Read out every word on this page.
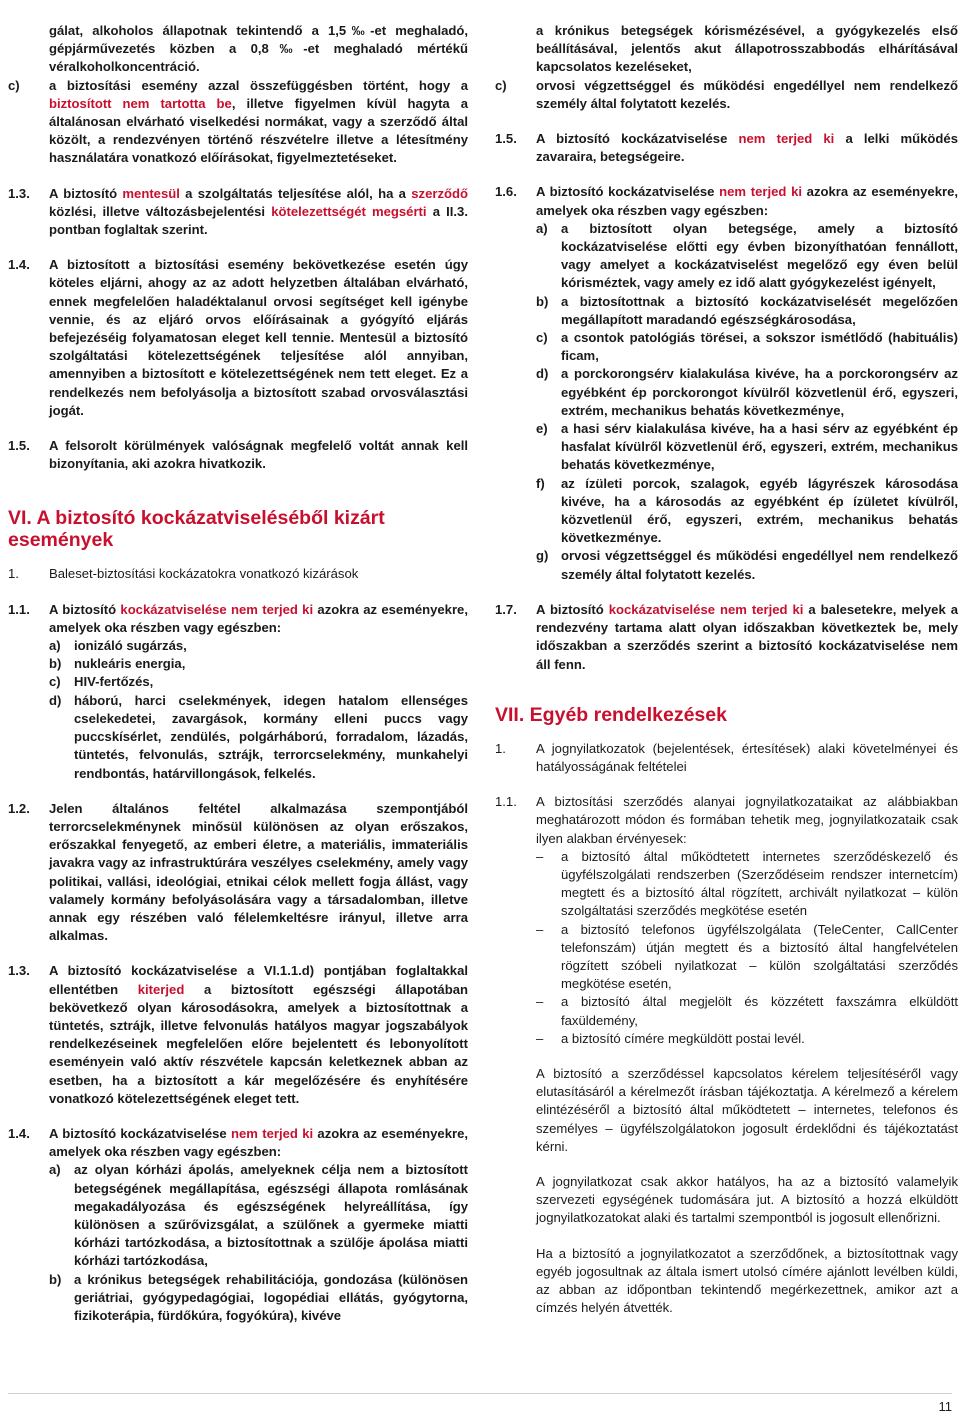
gálat, alkoholos állapotnak tekintendő a 1,5‰-et meghaladó, gépjárművezetés közben a 0,8‰-et meghaladó mértékű véralkoholkoncentráció.
c)	a biztosítási esemény azzal összefüggésben történt, hogy a biztosított nem tartotta be, illetve figyelmen kívül hagyta a általánosan elvárható viselkedési normákat, vagy a szerződő által közölt, a rendezvényen történő részvételre illetve a létesítmény használatára vonatkozó előírásokat, figyelmeztetéseket.
1.3.	A biztosító mentesül a szolgáltatás teljesítése alól, ha a szerződő közlési, illetve változásbejelentési kötelezettségét megsérti a II.3. pontban foglaltak szerint.
1.4.	A biztosított a biztosítási esemény bekövetkezése esetén úgy köteles eljárni, ahogy az az adott helyzetben általában elvárható, ennek megfelelően haladéktalanul orvosi segítséget kell igénybe vennie, és az eljáró orvos előírásainak a gyógyító eljárás befejezéséig folyamatosan eleget kell tennie. Mentesül a biztosító szolgáltatási kötelezettségének teljesítése alól annyiban, amennyiben a biztosított e kötelezettségének nem tett eleget. Ez a rendelkezés nem befolyásolja a biztosított szabad orvosválasztási jogát.
1.5.	A felsorolt körülmények valóságnak megfelelő voltát annak kell bizonyítania, aki azokra hivatkozik.
VI. A biztosító kockázatviseléséből kizárt események
1.	Baleset-biztosítási kockázatokra vonatkozó kizárások
1.1.	A biztosító kockázatviselése nem terjed ki azokra az eseményekre, amelyek oka részben vagy egészben:

a)	ionizáló sugárzás,
b) nukleáris energia,
c)	HIV-fertőzés,
d) háború, harci cselekmények, idegen hatalom ellenséges cselekedetei, zavargások, kormány elleni puccs vagy puccskísérlet, zendülés, polgárháború, forradalom, lázadás, tüntetés, felvonulás, sztrájk, terrorcselekmény, munkahelyi rendbontás, határvillongások, felkelés.
1.2.	Jelen általános feltétel alkalmazása szempontjából terrorcselekménynek minősül különösen az olyan erőszakos, erőszakkal fenyegető, az emberi életre, a materiális, immateriális javakra vagy az infrastruktúrára veszélyes cselekmény, amely vagy politikai, vallási, ideológiai, etnikai célok mellett fogja állást, vagy valamely kormány befolyásolására vagy a társadalomban, illetve annak egy részében való félelemkeltésre irányul, illetve arra alkalmas.
1.3.	A biztosító kockázatviselése a VI.1.1.d) pontjában foglaltakkal ellentétben kiterjed a biztosított egészségi állapotában bekövetkező olyan károsodásokra, amelyek a biztosítottnak a tüntetés, sztrájk, illetve felvonulás hatályos magyar jogszabályok rendelkezéseinek megfelelően előre bejelentett és lebonyolított eseményein való aktív részvétele kapcsán keletkeznek abban az esetben, ha a biztosított a kár megelőzésére és enyhítésére vonatkozó kötelezettségének eleget tett.
1.4.	A biztosító kockázatviselése nem terjed ki azokra az eseményekre, amelyek oka részben vagy egészben:

a)	az olyan kórházi ápolás, amelyeknek célja nem a biztosított betegségének megállapítása, egészségi állapota romlásának megakadályozása és egészségének helyreállítása, így különösen a szűrővizsgálat, a szülőnek a gyermeke miatti kórházi tartózkodása, a biztosítottnak a szülője ápolása miatti kórházi tartózkodása,
b) a krónikus betegségek rehabilitációja, gondozása (különösen geriátriai, gyógypedagógiai, logopédiai ellátás, gyógytorna, fizikoterápia, fürdőkúra, fogyókúra), kivéve
a krónikus betegségek kórismézésével, a gyógykezelés első beállításával, jelentős akut állapotrosszabbodás elhárításával kapcsolatos kezeléseket,
c)	orvosi végzettséggel és működési engedéllyel nem rendelkező személy által folytatott kezelés.
1.5.	A biztosító kockázatviselése nem terjed ki a lelki működés zavaraira, betegségeire.
1.6.	A biztosító kockázatviselése nem terjed ki azokra az eseményekre, amelyek oka részben vagy egészben:

a)	a biztosított olyan betegsége, amely a biztosító kockázatviselése előtti egy évben bizonyíthatóan fennállott, vagy amelyet a kockázatviselést megelőző egy éven belül kórisméztek, vagy amely ez idő alatt gyógykezelést igényelt,
b) a biztosítottnak a biztosító kockázatviselését megelőzően megállapított maradandó egészségkárosodása,
c)	a csontok patológiás törései, a sokszor ismétlődő (habituális) ficam,
d) a porckorongsérv kialakulása kivéve, ha a porckorongsérv az egyébként ép porckorongot kívülről közvetlenül érő, egyszeri, extrém, mechanikus behatás következménye,
e)	a hasi sérv kialakulása kivéve, ha a hasi sérv az egyébként ép hasfalat kívülről közvetlenül érő, egyszeri, extrém, mechanikus behatás következménye,
f)	az ízületi porcok, szalagok, egyéb lágyrészek károsodása kivéve, ha a károsodás az egyébként ép ízületet kívülről, közvetlenül érő, egyszeri, extrém, mechanikus behatás következménye.
g) orvosi végzettséggel és működési engedéllyel nem rendelkező személy által folytatott kezelés.
1.7.	A biztosító kockázatviselése nem terjed ki a balesetekre, melyek a rendezvény tartama alatt olyan időszakban következtek be, mely időszakban a szerződés szerint a biztosító kockázatviselése nem áll fenn.
VII. Egyéb rendelkezések
1.	A jognyilatkozatok (bejelentések, értesítések) alaki követelményei és hatályosságának feltételei
1.1.	A biztosítási szerződés alanyai jognyilatkozataikat az alábbiakban meghatározott módon és formában tehetik meg, jognyilatkozataik csak ilyen alakban érvényesek:

–	a biztosító által működtetett internetes szerződéskezelő és ügyfélszolgálati rendszerben (Szerződéseim rendszer internetcím) megtett és a biztosító által rögzített, archivált nyilatkozat – külön szolgáltatási szerződés megkötése esetén
–	a biztosító telefonos ügyfélszolgálata (TeleCenter, CallCenter telefonszám) útján megtett és a biztosító által hangfelvételen rögzített szóbeli nyilatkozat – külön szolgáltatási szerződés megkötése esetén,
–	a biztosító által megjelölt és közzétett faxszámra elküldött faxüldemény,
–	a biztosító címére megküldött postai levél.

A biztosító a szerződéssel kapcsolatos kérelem teljesítéséről vagy elutasításáról a kérelmezőt írásban tájékoztatja. A kérelmező a kérelem elintézéséről a biztosító által működtetett – internetes, telefonos és személyes – ügyfélszolgálatokon jogosult érdeklődni és tájékoztatást kérni.

A jognyilatkozat csak akkor hatályos, ha az a biztosító valamelyik szervezeti egységének tudomására jut. A biztosító a hozzá elküldött jognyilatkozatokat alaki és tartalmi szempontból is jogosult ellenőrizni.

Ha a biztosító a jognyilatkozatot a szerződőnek, a biztosítottnak vagy egyéb jogosultnak az általa ismert utolsó címére ajánlott levélben küldi, az abban az időpontban tekintendő megérkezettnek, amikor azt a címzés helyén átvették.

11
